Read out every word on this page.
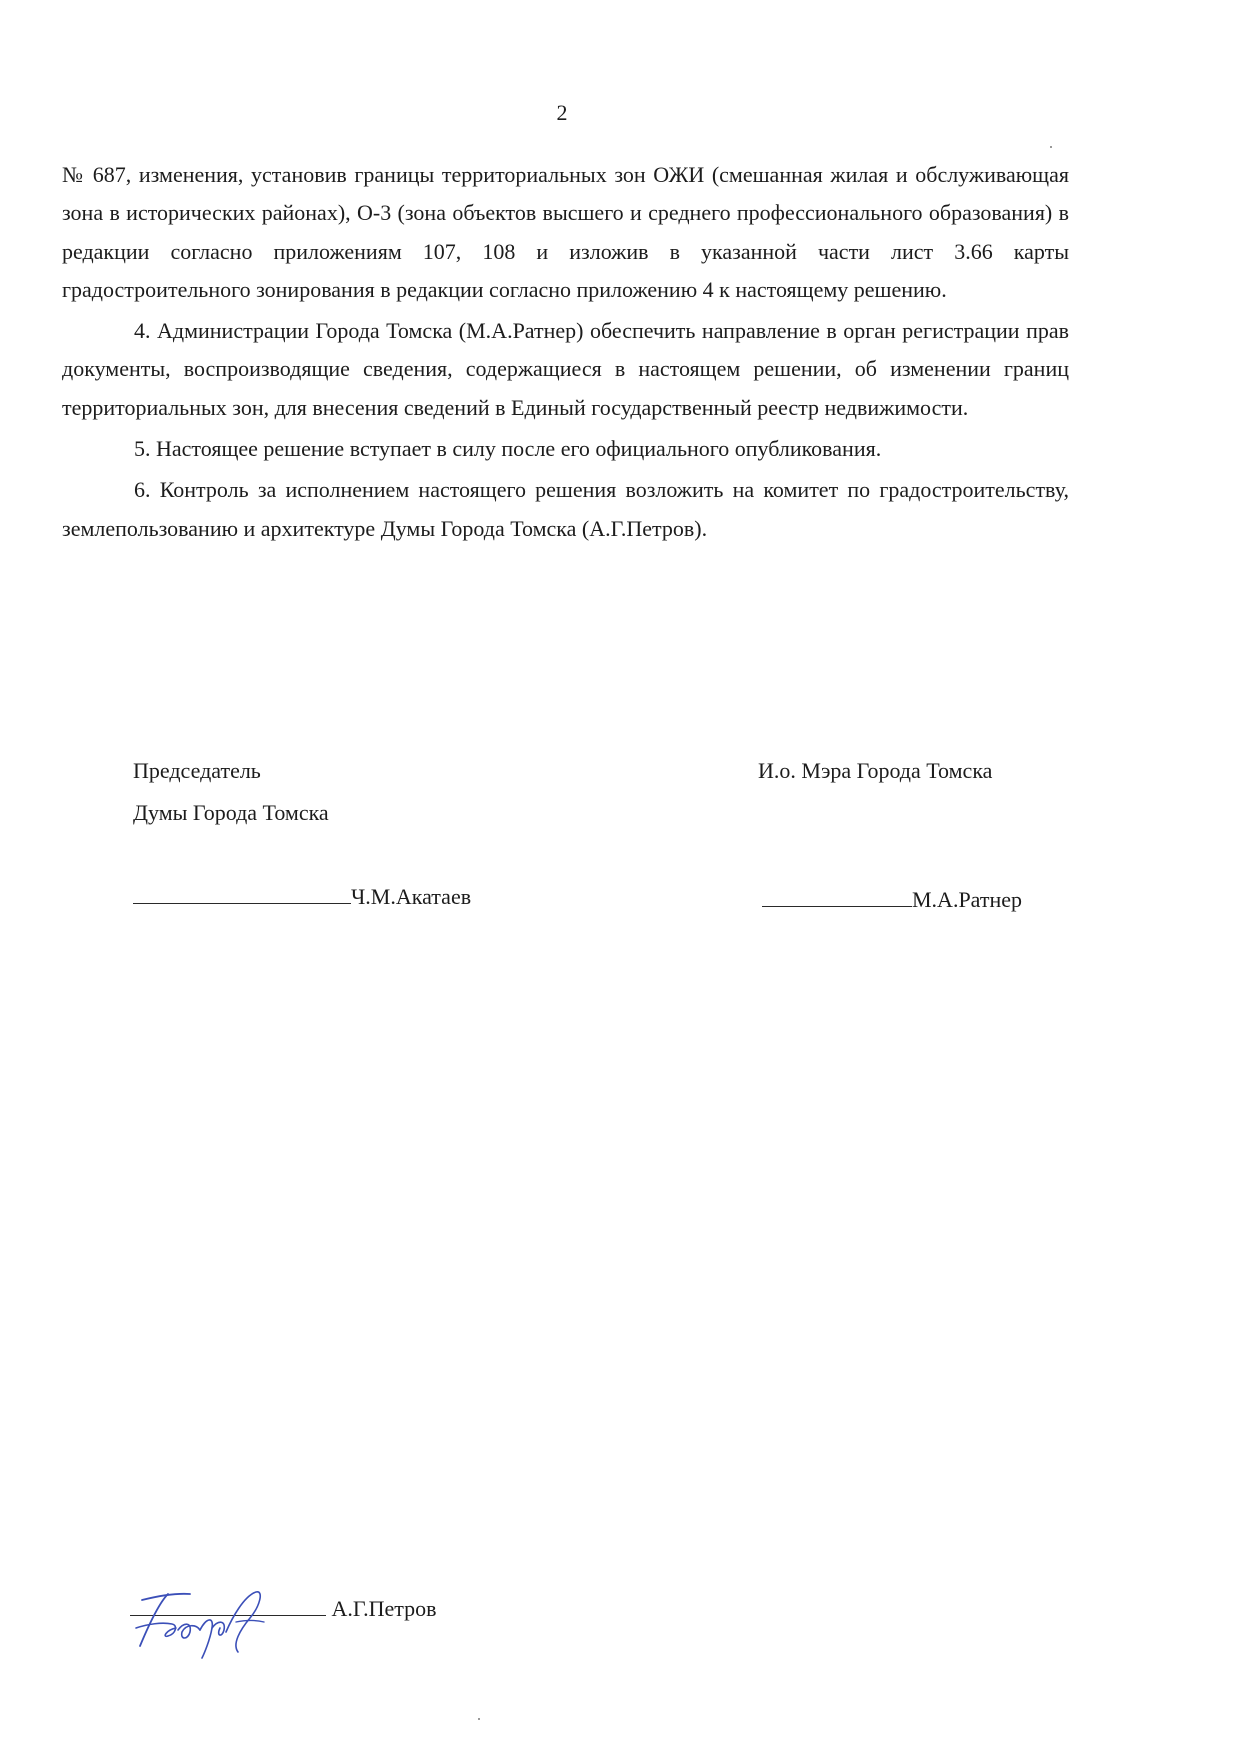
2

№ 687, изменения, установив границы территориальных зон ОЖИ (смешанная жилая и обслуживающая зона в исторических районах), О-3 (зона объектов высшего и среднего профессионального образования) в редакции согласно приложениям 107, 108 и изложив в указанной части лист 3.66 карты градостроительного зонирования в редакции согласно приложению 4 к настоящему решению.

4. Администрации Города Томска (М.А.Ратнер) обеспечить направление в орган регистрации прав документы, воспроизводящие сведения, содержащиеся в настоящем решении, об изменении границ территориальных зон, для внесения сведений в Единый государственный реестр недвижимости.

5. Настоящее решение вступает в силу после его официального опубликования.

6. Контроль за исполнением настоящего решения возложить на комитет по градостроительству, землепользованию и архитектуре Думы Города Томска (А.Г.Петров).

Председатель
Думы Города Томска
И.о. Мэра Города Томска
Ч.М.Акатаев	М.А.Ратнер
А.Г.Петров
